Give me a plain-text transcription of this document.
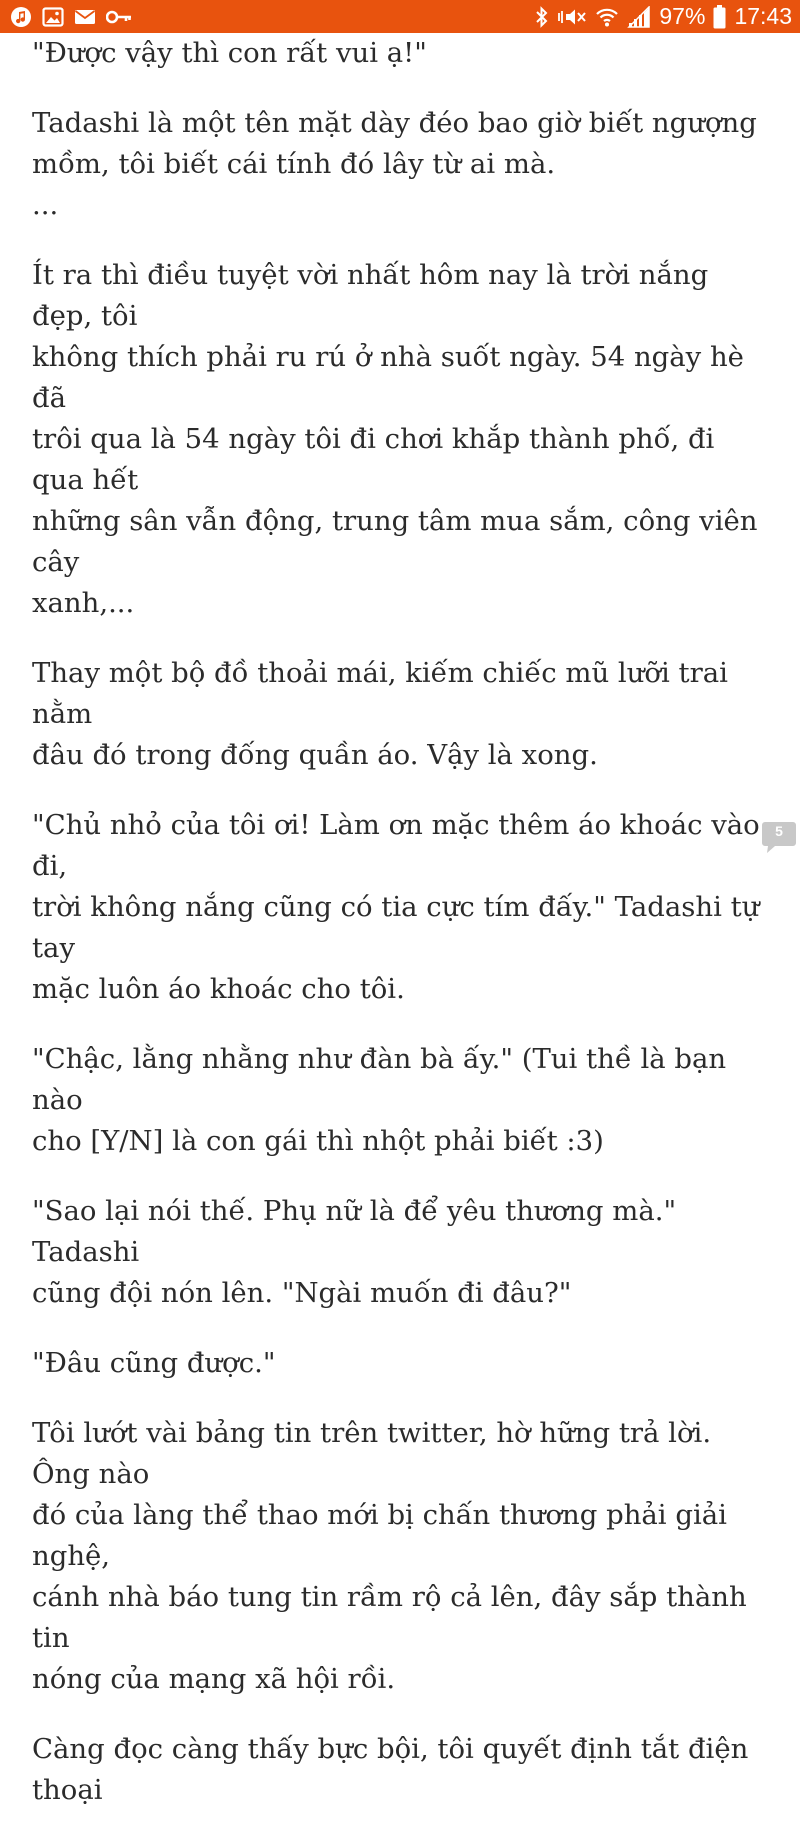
97% 17:43

"Được vậy thì con rất vui ạ!"

Tadashi là một tên mặt dày đéo bao giờ biết ngượng
mồm, tôi biết cái tính đó lây từ ai mà.
...

Ít ra thì điều tuyệt vời nhất hôm nay là trời nắng đẹp, tôi
không thích phải ru rú ở nhà suốt ngày. 54 ngày hè đã
trôi qua là 54 ngày tôi đi chơi khắp thành phố, đi qua hết
những sân vẫn động, trung tâm mua sắm, công viên cây
xanh,...

Thay một bộ đồ thoải mái, kiếm chiếc mũ lưỡi trai nằm
đâu đó trong đống quần áo. Vậy là xong.

"Chủ nhỏ của tôi ơi! Làm ơn mặc thêm áo khoác vào đi,
trời không nắng cũng có tia cực tím đấy." Tadashi tự tay
mặc luôn áo khoác cho tôi.

"Chậc, lằng nhằng như đàn bà ấy." (Tui thề là bạn nào
cho [Y/N] là con gái thì nhột phải biết :3)

"Sao lại nói thế. Phụ nữ là để yêu thương mà." Tadashi
cũng đội nón lên. "Ngài muốn đi đâu?"

"Đâu cũng được."

Tôi lướt vài bảng tin trên twitter, hờ hững trả lời. Ông nào
đó của làng thể thao mới bị chấn thương phải giải nghệ,
cánh nhà báo tung tin rầm rộ cả lên, đây sắp thành tin
nóng của mạng xã hội rồi.

Càng đọc càng thấy bực bội, tôi quyết định tắt điện thoại

5
